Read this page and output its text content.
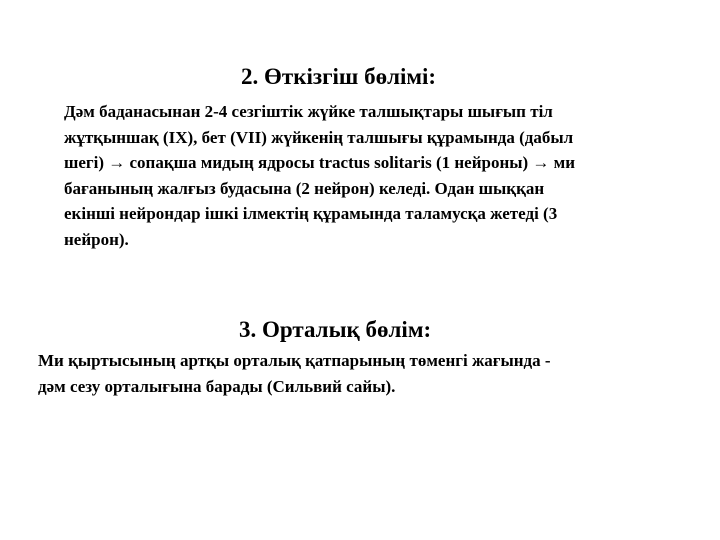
2. Өткізгіш бөлімі:

Дәм баданасынан 2-4 сезгіштік жүйке талшықтары шығып тіл
жұтқыншақ (IX), бет (VII) жүйкенің талшығы құрамында (дабыл
шегі) → сопақша мидың ядросы tractus solitaris (1 нейроны) → ми
бағанының жалғыз будасына (2 нейрон) келеді. Одан шыққан
екінші нейрондар ішкі ілмектің құрамында таламусқа жетеді (3
нейрон).

3. Орталық бөлім:

Ми қыртысының артқы орталық қатпарының төменгі жағында -
дәм сезу орталығына барады (Сильвий сайы).
